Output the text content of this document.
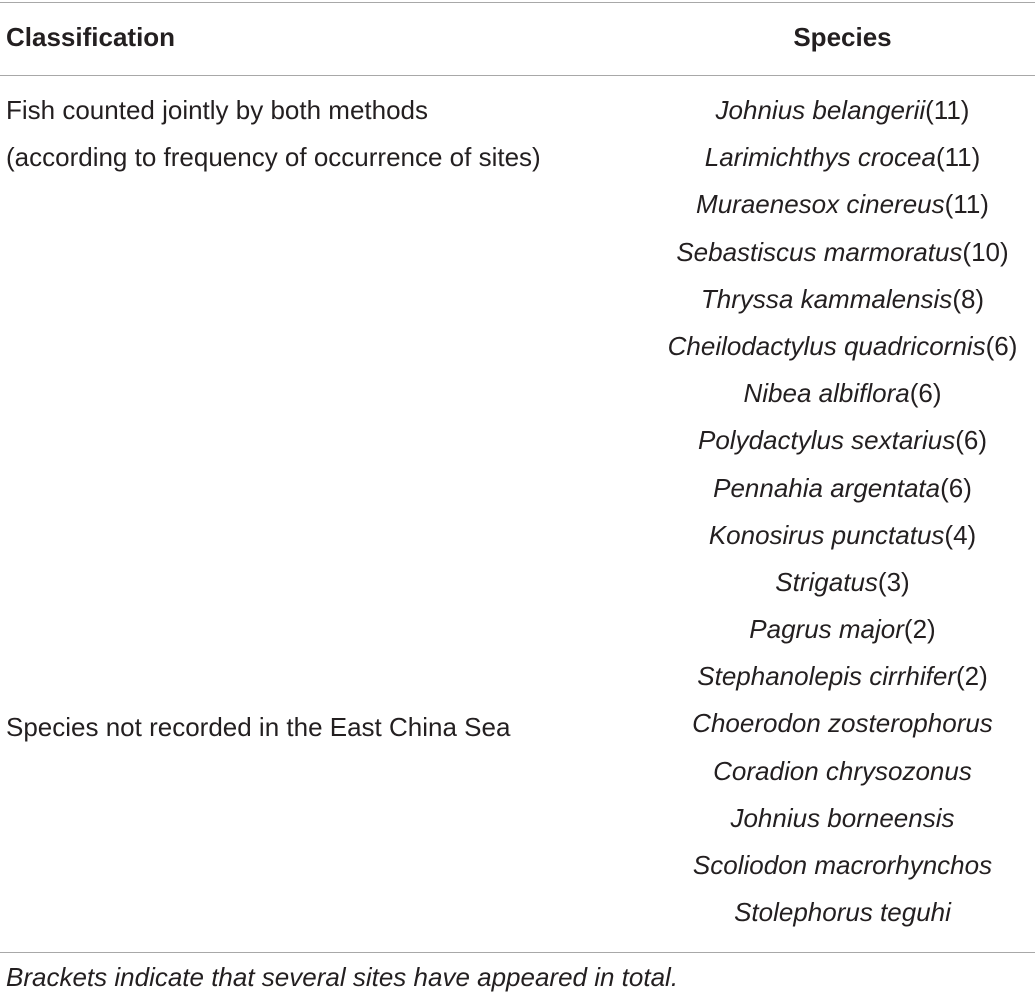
Classification	Species
Fish counted jointly by both methods
(according to frequency of occurrence of sites)
Species not recorded in the East China Sea
Johnius belangerii(11)
Larimichthys crocea(11)
Muraenesox cinereus(11)
Sebastiscus marmoratus(10)
Thryssa kammalensis(8)
Cheilodactylus quadricornis(6)
Nibea albiflora(6)
Polydactylus sextarius(6)
Pennahia argentata(6)
Konosirus punctatus(4)
Strigatus(3)
Pagrus major(2)
Stephanolepis cirrhifer(2)
Choerodon zosterophorus
Coradion chrysozonus
Johnius borneensis
Scoliodon macrorhynchos
Stolephorus teguhi
Brackets indicate that several sites have appeared in total.
